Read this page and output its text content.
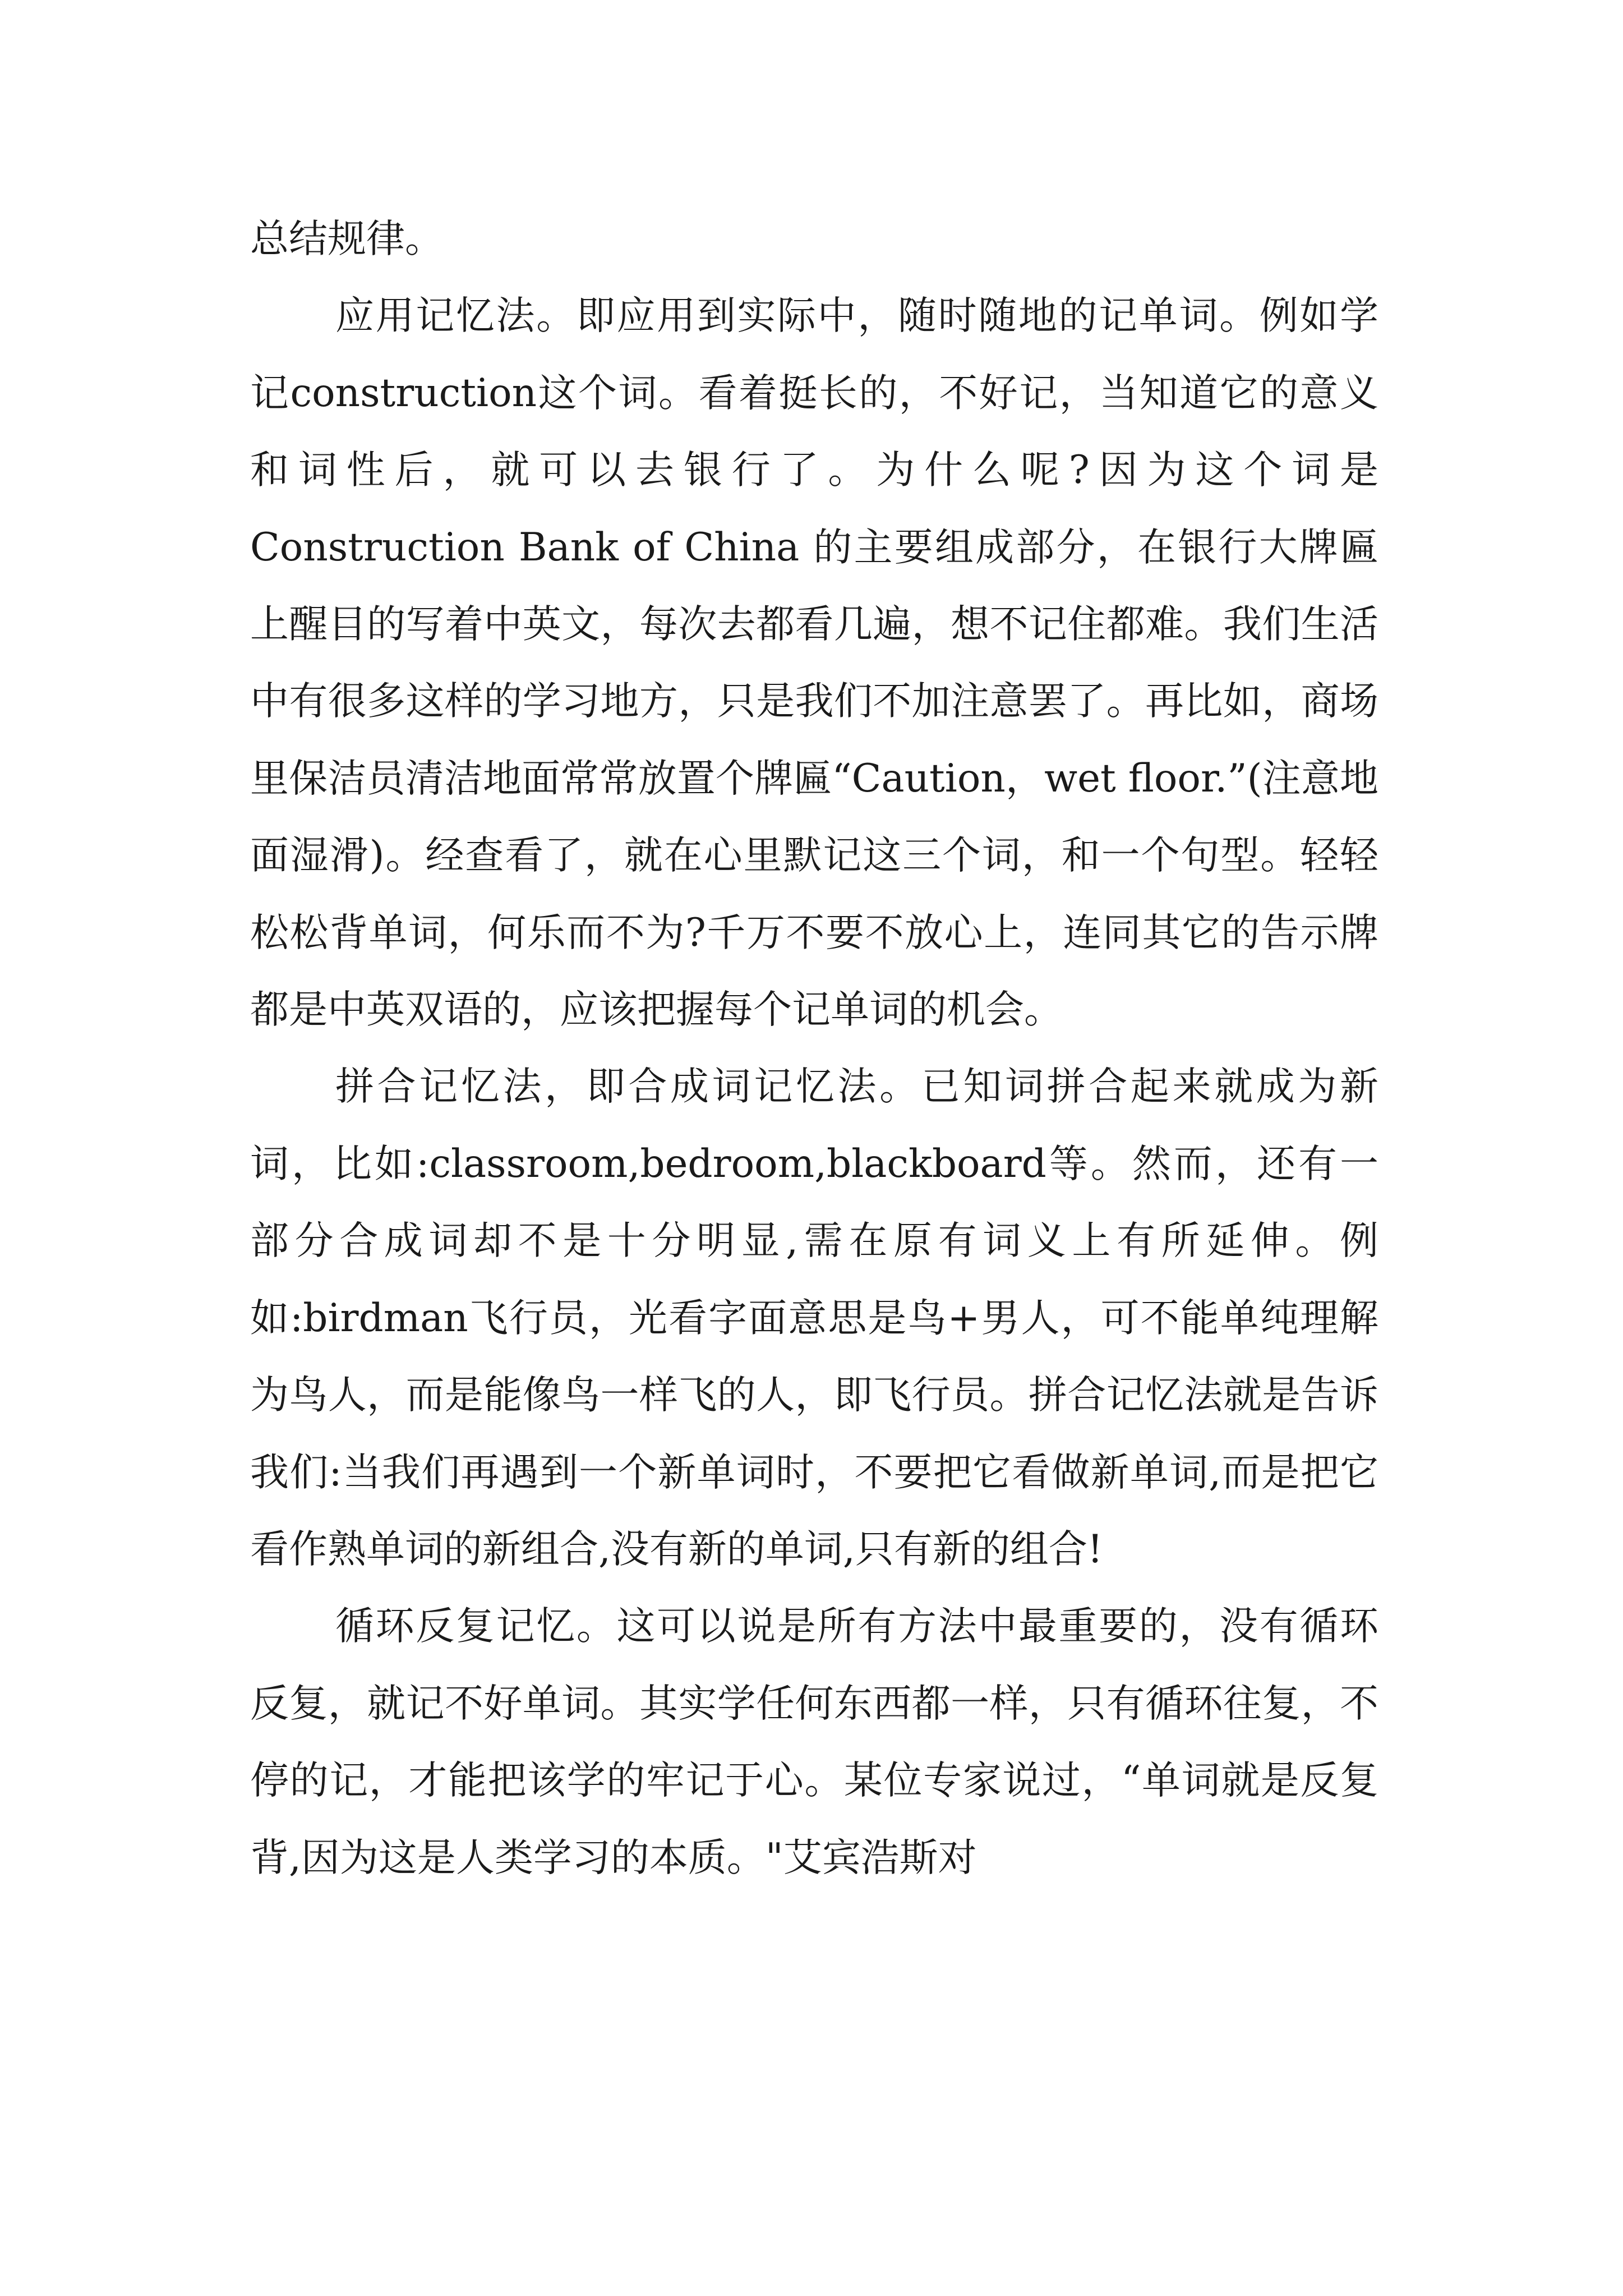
总结规律。

应用记忆法。即应用到实际中，随时随地的记单词。例如学记construction这个词。看着挺长的，不好记，当知道它的意义和词性后，就可以去银行了。为什么呢?因为这个词是Construction Bank of China 的主要组成部分，在银行大牌匾上醒目的写着中英文，每次去都看几遍，想不记住都难。我们生活中有很多这样的学习地方，只是我们不加注意罢了。再比如，商场里保洁员清洁地面常常放置个牌匾“Caution，wet floor.”(注意地面湿滑)。经查看了，就在心里默记这三个词，和一个句型。轻轻松松背单词，何乐而不为?千万不要不放心上，连同其它的告示牌都是中英双语的，应该把握每个记单词的机会。

拼合记忆法，即合成词记忆法。已知词拼合起来就成为新词，比如:classroom,bedroom,blackboard等。然而，还有一部分合成词却不是十分明显,需在原有词义上有所延伸。例如:birdman飞行员，光看字面意思是鸟+男人，可不能单纯理解为鸟人，而是能像鸟一样飞的人，即飞行员。拼合记忆法就是告诉我们:当我们再遇到一个新单词时，不要把它看做新单词,而是把它看作熟单词的新组合,没有新的单词,只有新的组合!

循环反复记忆。这可以说是所有方法中最重要的，没有循环反复，就记不好单词。其实学任何东西都一样，只有循环往复，不停的记，才能把该学的牢记于心。某位专家说过，“单词就是反复背,因为这是人类学习的本质。"艾宾浩斯对
